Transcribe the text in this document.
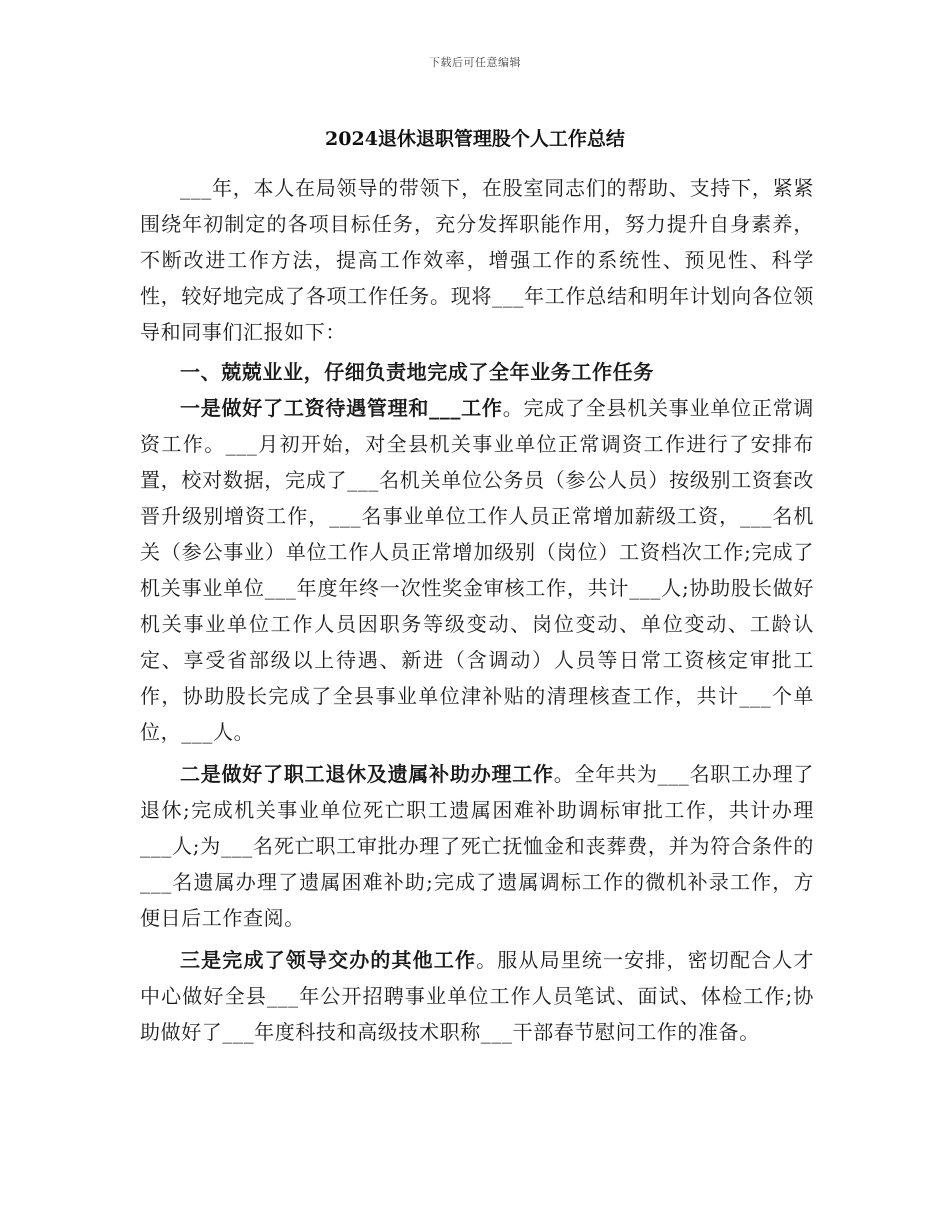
下载后可任意编辑
2024退休退职管理股个人工作总结

___年，本人在局领导的带领下，在股室同志们的帮助、支持下，紧紧围绕年初制定的各项目标任务，充分发挥职能作用，努力提升自身素养，不断改进工作方法，提高工作效率，增强工作的系统性、预见性、科学性，较好地完成了各项工作任务。现将___年工作总结和明年计划向各位领导和同事们汇报如下：

一、兢兢业业，仔细负责地完成了全年业务工作任务

一是做好了工资待遇管理和___工作。完成了全县机关事业单位正常调资工作。___月初开始，对全县机关事业单位正常调资工作进行了安排布置，校对数据，完成了___名机关单位公务员（参公人员）按级别工资套改晋升级别增资工作，___名事业单位工作人员正常增加薪级工资，___名机关（参公事业）单位工作人员正常增加级别（岗位）工资档次工作;完成了机关事业单位___年度年终一次性奖金审核工作，共计___人;协助股长做好机关事业单位工作人员因职务等级变动、岗位变动、单位变动、工龄认定、享受省部级以上待遇、新进（含调动）人员等日常工资核定审批工作，协助股长完成了全县事业单位津补贴的清理核查工作，共计___个单位，___人。

二是做好了职工退休及遗属补助办理工作。全年共为___名职工办理了退休;完成机关事业单位死亡职工遗属困难补助调标审批工作，共计办理___人;为___名死亡职工审批办理了死亡抚恤金和丧葬费，并为符合条件的___名遗属办理了遗属困难补助;完成了遗属调标工作的微机补录工作，方便日后工作查阅。

三是完成了领导交办的其他工作。服从局里统一安排，密切配合人才中心做好全县___年公开招聘事业单位工作人员笔试、面试、体检工作;协助做好了___年度科技和高级技术职称___干部春节慰问工作的准备。
